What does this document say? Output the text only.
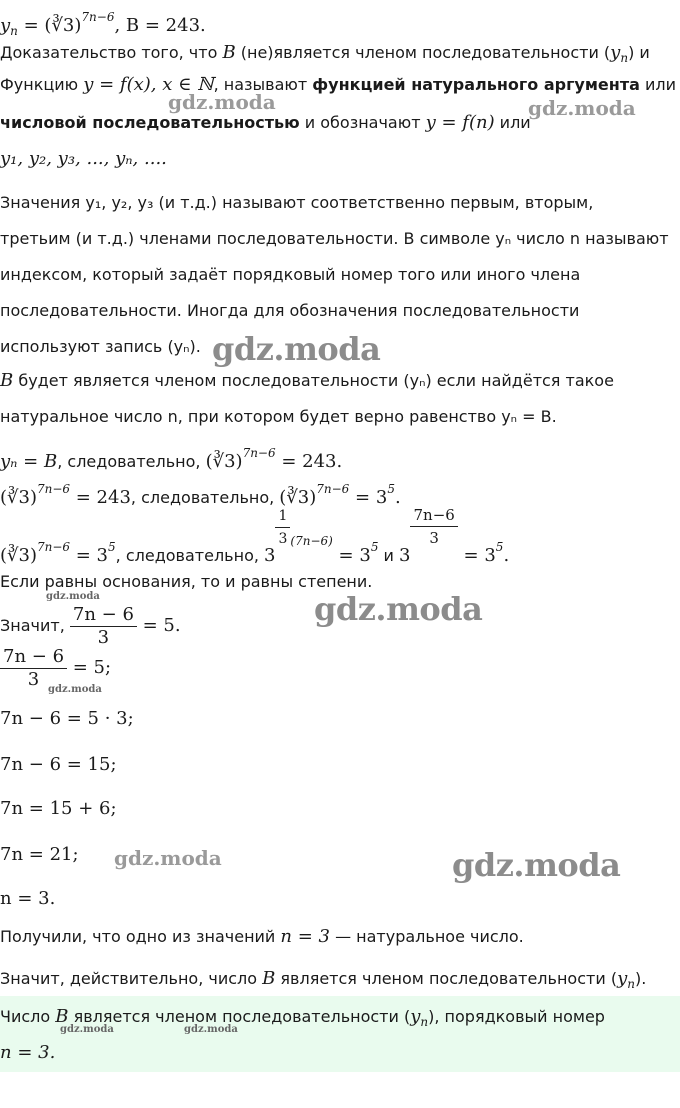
$y_n$ = (∛3)$^{7n-6}$, B = 243.
Доказательство того, что B (не)является членом последовательности $(y_n)$ и
Функцию y = f(x), x ∈ ℕ, называют функцией натурального аргумента или
числовой последовательностью и обозначают y = f(n) или
y₁, y₂, y₃, ..., yₙ, ....
Значения y₁, y₂, y₃ (и т.д.) называют соответственно первым, вторым,
третьим (и т.д.) членами последовательности. В символе yₙ число n называют
индексом, который задаёт порядковый номер того или иного члена
последовательности. Иногда для обозначения последовательности
используют запись (yₙ).
B будет является членом последовательности (yₙ) если найдётся такое
натуральное число n, при котором будет верно равенство yₙ = B.
yₙ = B, следовательно, (∛3)$^{7n-6}$ = 243.
(∛3)$^{7n-6}$ = 243, следовательно, (∛3)$^{7n-6}$ = $3^5$.
(∛3)$^{7n-6}$ = $3^5$, следовательно, 3
$\frac{1}{3} ^{(7n-6)} = 3^5$ и 3
$\frac{7n-6}{3}$
= $3^5$.
Если равны основания, то и равны степени.
Значит, $\frac{7n - 6}{3} = 5$.
$\frac{7n - 6}{3} = 5$;
7n − 6 = 5 · 3;
7n − 6 = 15;
7n = 15 + 6;
7n = 21;
n = 3.
Получили, что одно из значений n = 3 — натуральное число.
Значит, действительно, число B является членом последовательности $(y_n)$.
Число B является членом последовательности $(y_n)$, порядковый номер
n = 3.
gdz.moda	gdz.moda
gdz.moda
gdz.moda	gdz.moda
gdz.moda
gdz.moda	gdz.moda
gdz.moda	gdz.moda
